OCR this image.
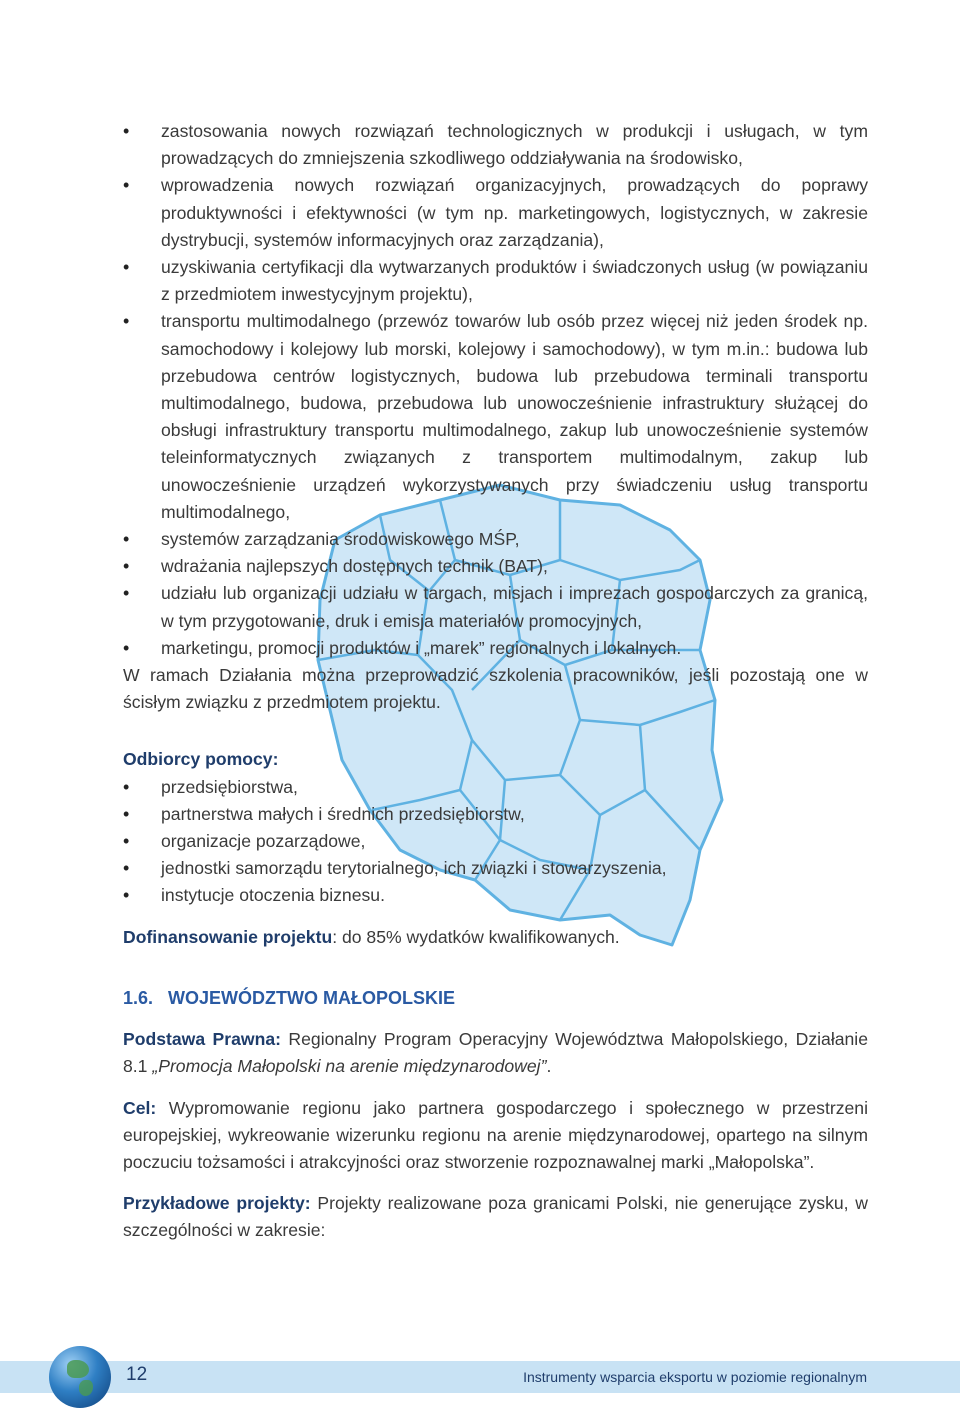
• zastosowania nowych rozwiązań technologicznych w produkcji i usługach, w tym prowadzących do zmniejszenia szkodliwego oddziaływania na środowisko,
• wprowadzenia nowych rozwiązań organizacyjnych, prowadzących do poprawy produktywności i efektywności (w tym np. marketingowych, logistycznych, w zakresie dystrybucji, systemów informacyjnych oraz zarządzania),
• uzyskiwania certyfikacji dla wytwarzanych produktów i świadczonych usług (w powiązaniu z przedmiotem inwestycyjnym projektu),
• transportu multimodalnego (przewóz towarów lub osób przez więcej niż jeden środek np. samochodowy i kolejowy lub morski, kolejowy i samochodowy), w tym m.in.: budowa lub przebudowa centrów logistycznych, budowa lub przebudowa terminali transportu multimodalnego, budowa, przebudowa lub unowocześnienie infrastruktury służącej do obsługi infrastruktury transportu multimodalnego, zakup lub unowocześnienie systemów teleinformatycznych związanych z transportem multimodalnym, zakup lub unowocześnienie urządzeń wykorzystywanych przy świadczeniu usług transportu multimodalnego,
• systemów zarządzania środowiskowego MŚP,
• wdrażania najlepszych dostępnych technik (BAT),
• udziału lub organizacji udziału w targach, misjach i imprezach gospodarczych za granicą, w tym przygotowanie, druk i emisja materiałów promocyjnych,
• marketingu, promocji produktów i „marek” regionalnych i lokalnych.

W ramach Działania można przeprowadzić szkolenia pracowników, jeśli pozostają one w ścisłym związku z przedmiotem projektu.

Odbiorcy pomocy:
• przedsiębiorstwa,
• partnerstwa małych i średnich przedsiębiorstw,
• organizacje pozarządowe,
• jednostki samorządu terytorialnego, ich związki i stowarzyszenia,
• instytucje otoczenia biznesu.

Dofinansowanie projektu: do 85% wydatków kwalifikowanych.

1.6. WOJEWÓDZTWO MAŁOPOLSKIE

Podstawa Prawna: Regionalny Program Operacyjny Województwa Małopolskiego, Działanie 8.1 „Promocja Małopolski na arenie międzynarodowej”.

Cel: Wypromowanie regionu jako partnera gospodarczego i społecznego w przestrzeni europejskiej, wykreowanie wizerunku regionu na arenie międzynarodowej, opartego na silnym poczuciu tożsamości i atrakcyjności oraz stworzenie rozpoznawalnej marki „Małopolska”.

Przykładowe projekty: Projekty realizowane poza granicami Polski, nie generujące zysku, w szczególności w zakresie:

12	Instrumenty wsparcia eksportu w poziomie regionalnym
